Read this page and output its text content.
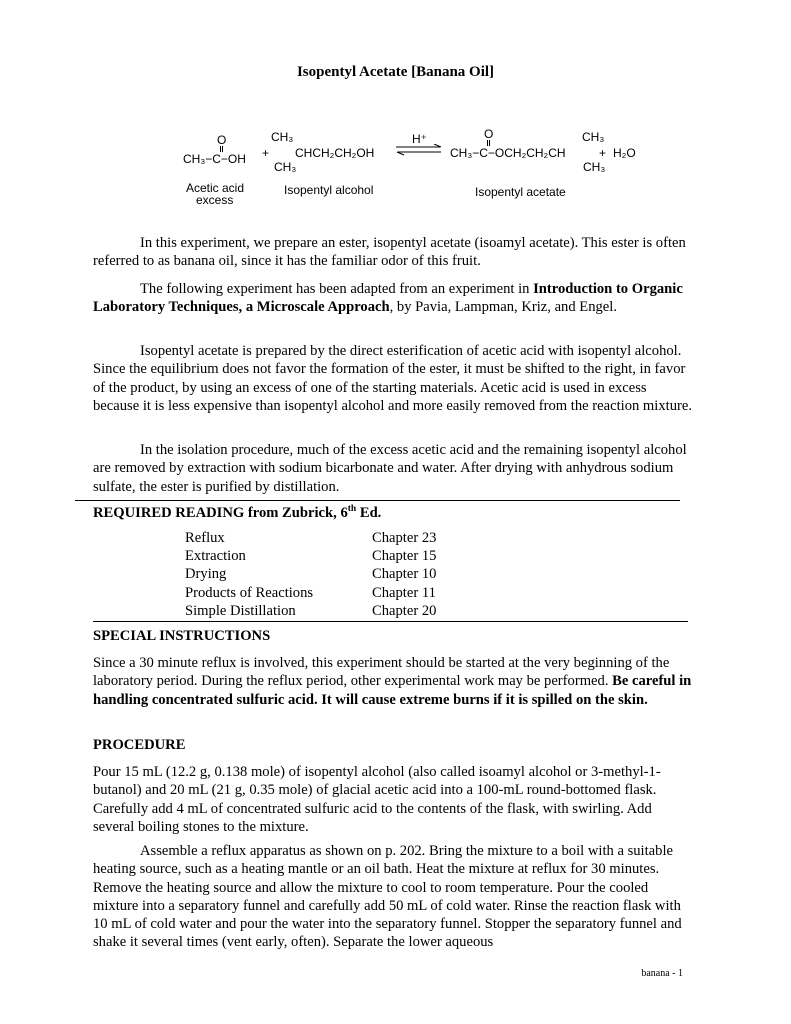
Isopentyl Acetate [Banana Oil]
O
CH₃−C−OH +
Acetic acid
excess
CH₃
CHCH₂CH₂OH
CH₃
Isopentyl alcohol
H⁺	O
CH₃−C−OCH₂CH₂CH
CH₃
CH₃
+ H₂O
Isopentyl acetate

In this experiment, we prepare an ester, isopentyl acetate (isoamyl acetate). This ester is often referred to as banana oil, since it has the familiar odor of this fruit.

The following experiment has been adapted from an experiment in Introduction to Organic Laboratory Techniques, a Microscale Approach, by Pavia, Lampman, Kriz, and Engel.

Isopentyl acetate is prepared by the direct esterification of acetic acid with isopentyl alcohol. Since the equilibrium does not favor the formation of the ester, it must be shifted to the right, in favor of the product, by using an excess of one of the starting materials. Acetic acid is used in excess because it is less expensive than isopentyl alcohol and more easily removed from the reaction mixture.

In the isolation procedure, much of the excess acetic acid and the remaining isopentyl alcohol are removed by extraction with sodium bicarbonate and water. After drying with anhydrous sodium sulfate, the ester is purified by distillation.

REQUIRED READING from Zubrick, 6th Ed.
Reflux	Chapter 23
Extraction	Chapter 15
Drying	Chapter 10
Products of Reactions	Chapter 11
Simple Distillation	Chapter 20
SPECIAL INSTRUCTIONS

Since a 30 minute reflux is involved, this experiment should be started at the very beginning of the laboratory period. During the reflux period, other experimental work may be performed. Be careful in handling concentrated sulfuric acid. It will cause extreme burns if it is spilled on the skin.

PROCEDURE

Pour 15 mL (12.2 g, 0.138 mole) of isopentyl alcohol (also called isoamyl alcohol or 3-methyl-1-butanol) and 20 mL (21 g, 0.35 mole) of glacial acetic acid into a 100-mL round-bottomed flask. Carefully add 4 mL of concentrated sulfuric acid to the contents of the flask, with swirling. Add several boiling stones to the mixture.

Assemble a reflux apparatus as shown on p. 202. Bring the mixture to a boil with a suitable heating source, such as a heating mantle or an oil bath. Heat the mixture at reflux for 30 minutes. Remove the heating source and allow the mixture to cool to room temperature. Pour the cooled mixture into a separatory funnel and carefully add 50 mL of cold water. Rinse the reaction flask with 10 mL of cold water and pour the water into the separatory funnel. Stopper the separatory funnel and shake it several times (vent early, often). Separate the lower aqueous

banana - 1
